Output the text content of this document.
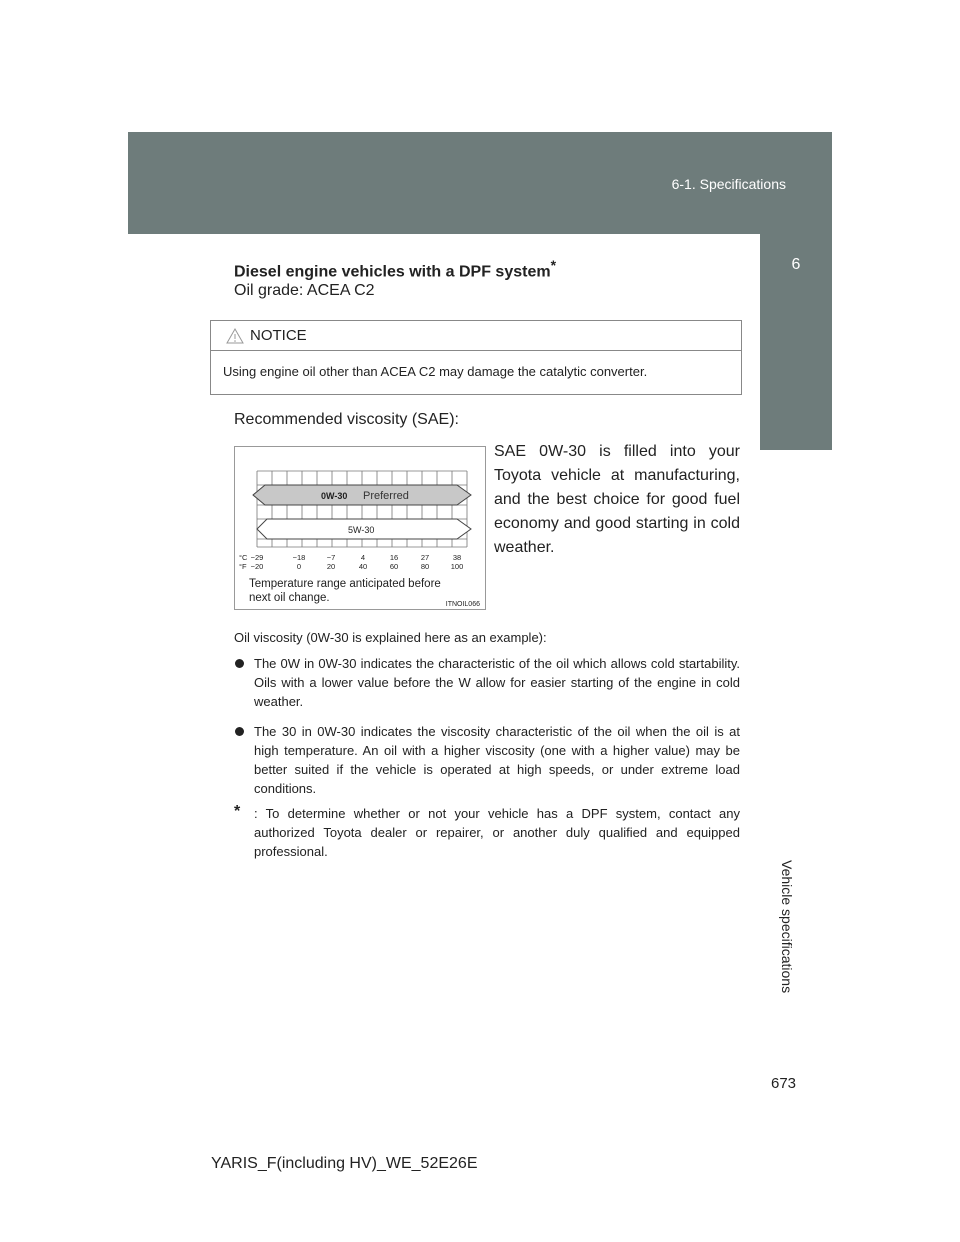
6-1. Specifications
6
Vehicle specifications
673
Diesel engine vehicles with a DPF system*
Oil grade: ACEA C2
NOTICE
Using engine oil other than ACEA C2 may damage the catalytic converter.
Recommended viscosity (SAE):
0W-30 Preferred
5W-30
°C
°F
−29	−18	−7	4	16	27	38
−20	0	20	40	60	80	100
Temperature range anticipated before
next oil change.
ITNOIL066
SAE 0W-30 is filled into your Toyota vehicle at manufacturing, and the best choice for good fuel economy and good starting in cold weather.
Oil viscosity (0W-30 is explained here as an example):
The 0W in 0W-30 indicates the characteristic of the oil which allows cold startability. Oils with a lower value before the W allow for easier starting of the engine in cold weather.
The 30 in 0W-30 indicates the viscosity characteristic of the oil when the oil is at high temperature. An oil with a higher viscosity (one with a higher value) may be better suited if the vehicle is operated at high speeds, or under extreme load conditions.
* : To determine whether or not your vehicle has a DPF system, contact any authorized Toyota dealer or repairer, or another duly qualified and equipped professional.
YARIS_F(including HV)_WE_52E26E
